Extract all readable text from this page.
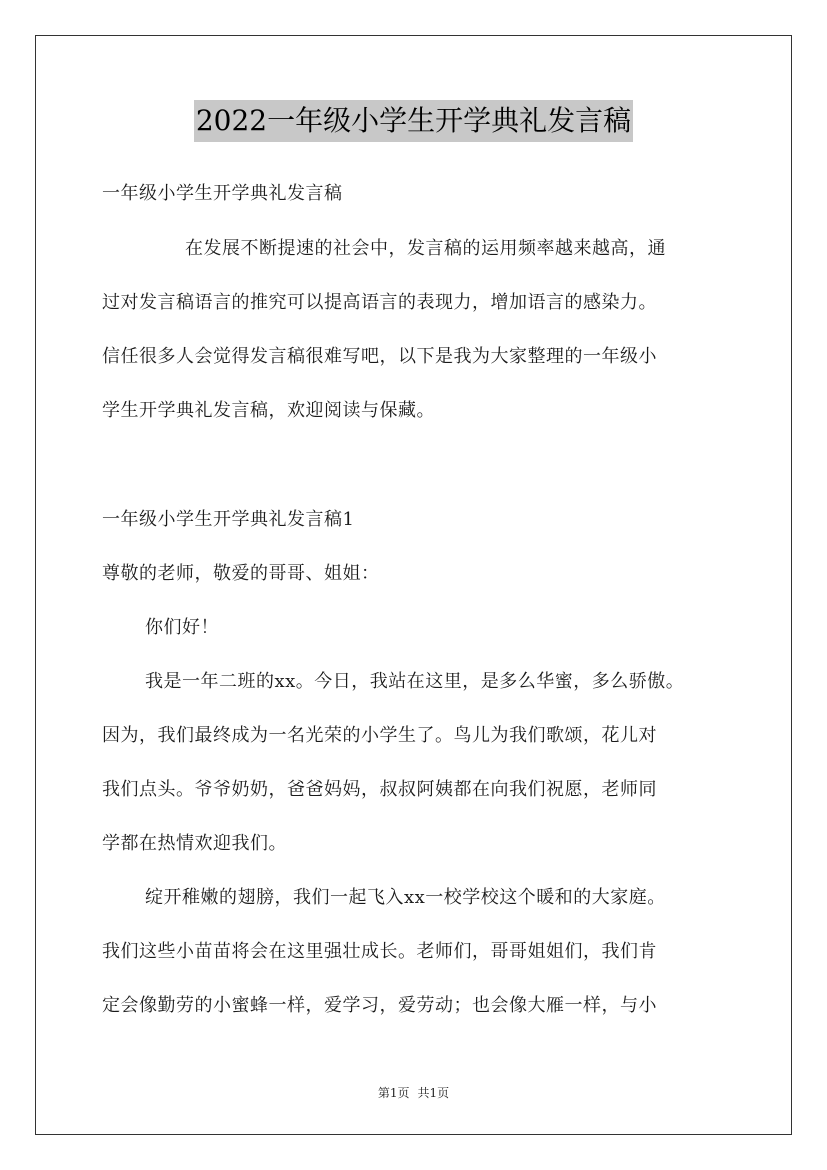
2022一年级小学生开学典礼发言稿
一年级小学生开学典礼发言稿
在发展不断提速的社会中，发言稿的运用频率越来越高，通
过对发言稿语言的推究可以提高语言的表现力，增加语言的感染力。
信任很多人会觉得发言稿很难写吧，以下是我为大家整理的一年级小
学生开学典礼发言稿，欢迎阅读与保藏。
一年级小学生开学典礼发言稿1
尊敬的老师，敬爱的哥哥、姐姐：
你们好！
我是一年二班的xx。今日，我站在这里，是多么华蜜，多么骄傲。
因为，我们最终成为一名光荣的小学生了。鸟儿为我们歌颂，花儿对
我们点头。爷爷奶奶，爸爸妈妈，叔叔阿姨都在向我们祝愿，老师同
学都在热情欢迎我们。
绽开稚嫩的翅膀，我们一起飞入xx一校学校这个暖和的大家庭。
我们这些小苗苗将会在这里强壮成长。老师们，哥哥姐姐们，我们肯
定会像勤劳的小蜜蜂一样，爱学习，爱劳动；也会像大雁一样，与小
第1页 共1页
